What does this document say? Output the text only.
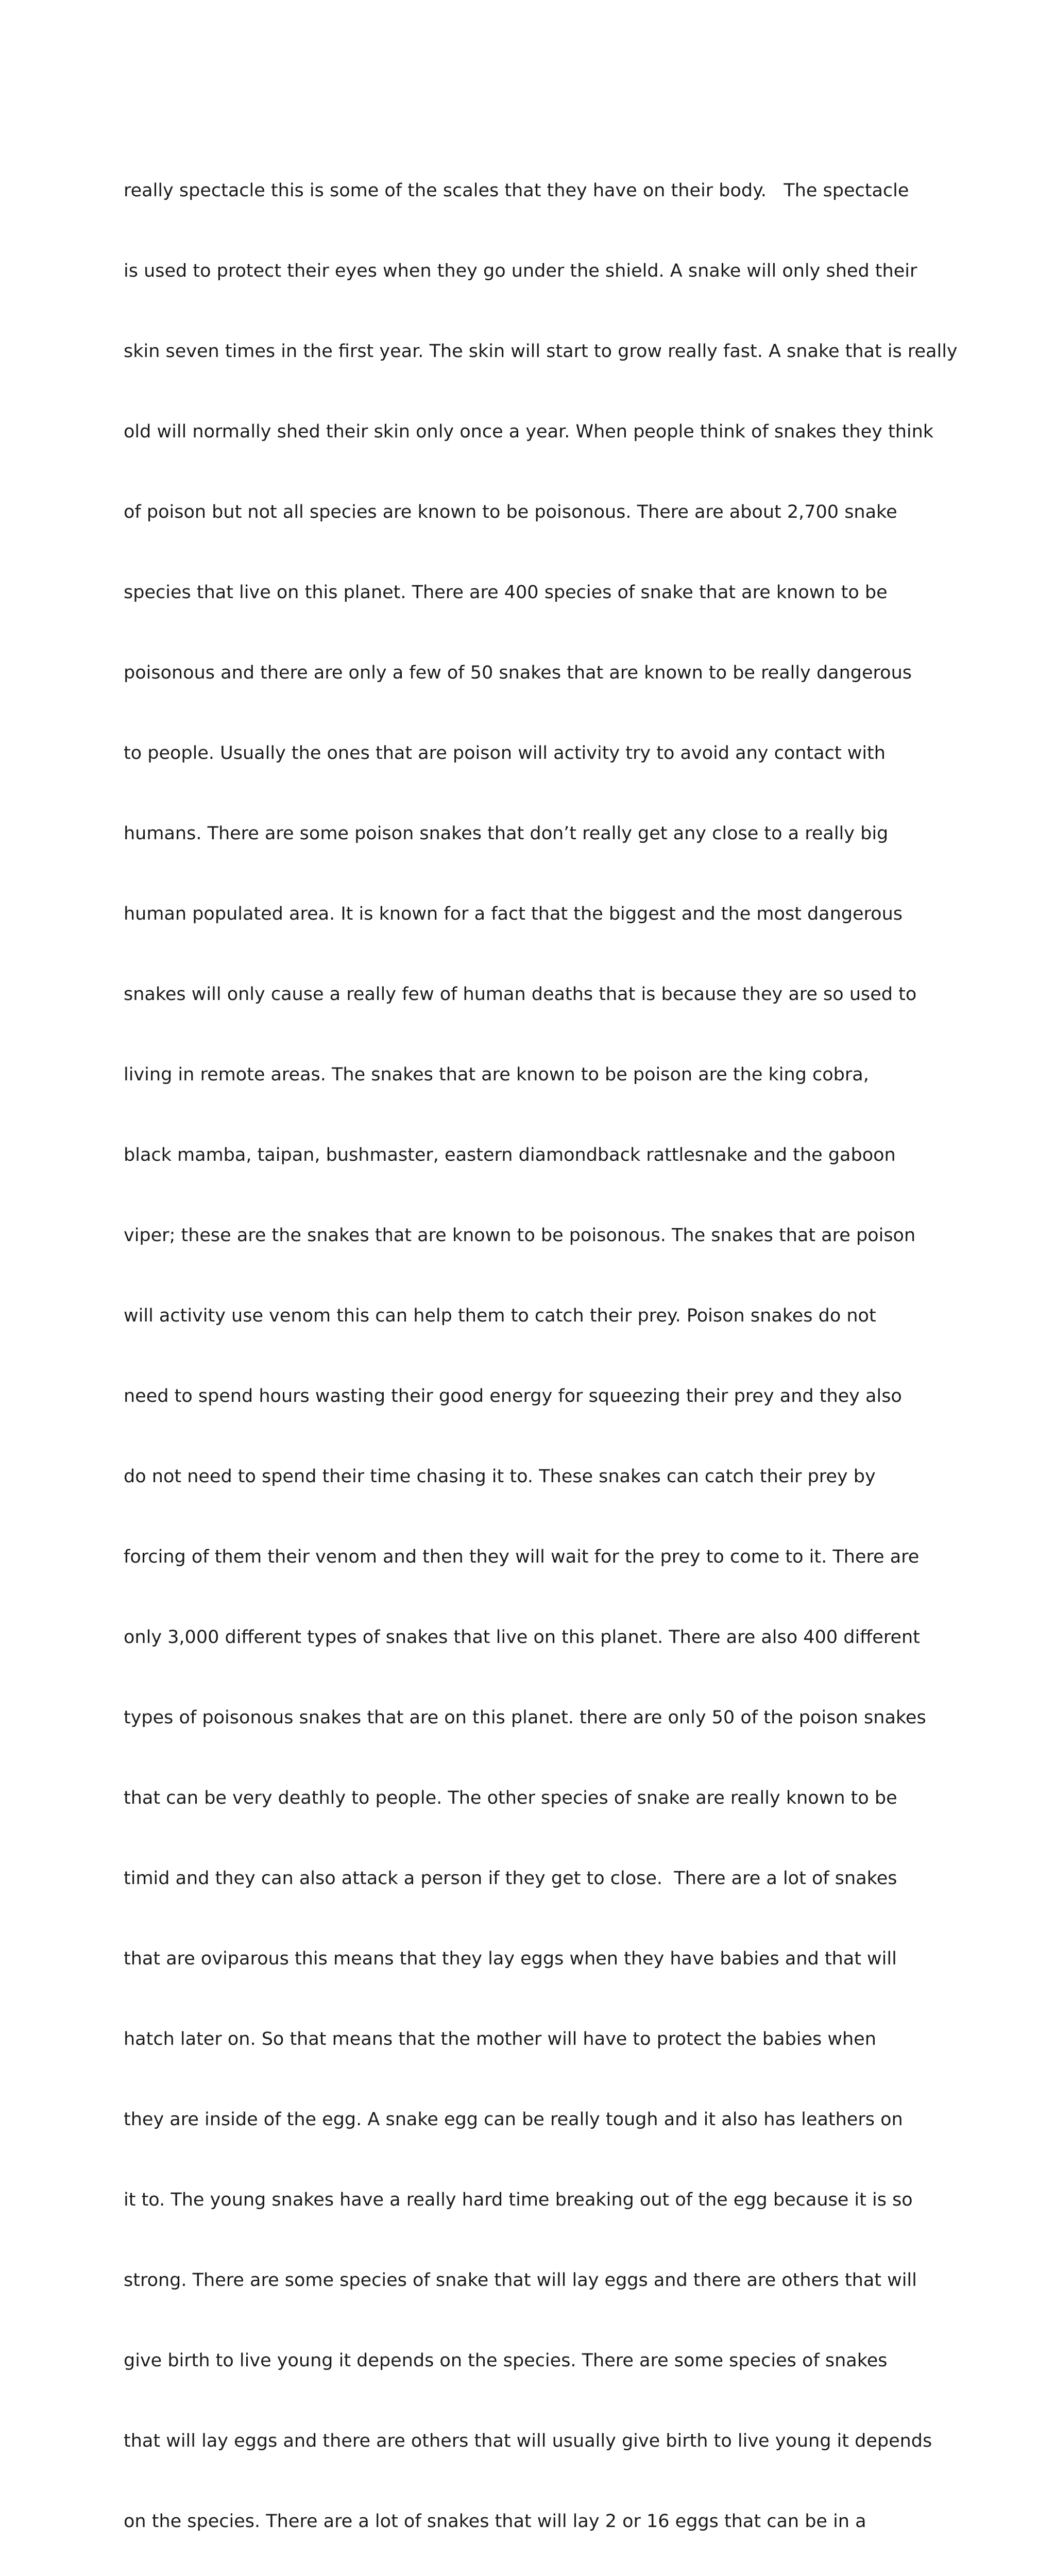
really spectacle this is some of the scales that they have on their body.   The spectacle

is used to protect their eyes when they go under the shield. A snake will only shed their

skin seven times in the first year. The skin will start to grow really fast. A snake that is really

old will normally shed their skin only once a year. When people think of snakes they think

of poison but not all species are known to be poisonous. There are about 2,700 snake

species that live on this planet. There are 400 species of snake that are known to be

poisonous and there are only a few of 50 snakes that are known to be really dangerous

to people. Usually the ones that are poison will activity try to avoid any contact with

humans. There are some poison snakes that don’t really get any close to a really big

human populated area. It is known for a fact that the biggest and the most dangerous

snakes will only cause a really few of human deaths that is because they are so used to

living in remote areas. The snakes that are known to be poison are the king cobra,

black mamba, taipan, bushmaster, eastern diamondback rattlesnake and the gaboon

viper; these are the snakes that are known to be poisonous. The snakes that are poison

will activity use venom this can help them to catch their prey. Poison snakes do not

need to spend hours wasting their good energy for squeezing their prey and they also

do not need to spend their time chasing it to. These snakes can catch their prey by

forcing of them their venom and then they will wait for the prey to come to it. There are

only 3,000 different types of snakes that live on this planet. There are also 400 different

types of poisonous snakes that are on this planet. there are only 50 of the poison snakes

that can be very deathly to people. The other species of snake are really known to be

timid and they can also attack a person if they get to close.  There are a lot of snakes

that are oviparous this means that they lay eggs when they have babies and that will

hatch later on. So that means that the mother will have to protect the babies when

they are inside of the egg. A snake egg can be really tough and it also has leathers on

it to. The young snakes have a really hard time breaking out of the egg because it is so

strong. There are some species of snake that will lay eggs and there are others that will

give birth to live young it depends on the species. There are some species of snakes

that will lay eggs and there are others that will usually give birth to live young it depends

on the species. There are a lot of snakes that will lay 2 or 16 eggs that can be in a
